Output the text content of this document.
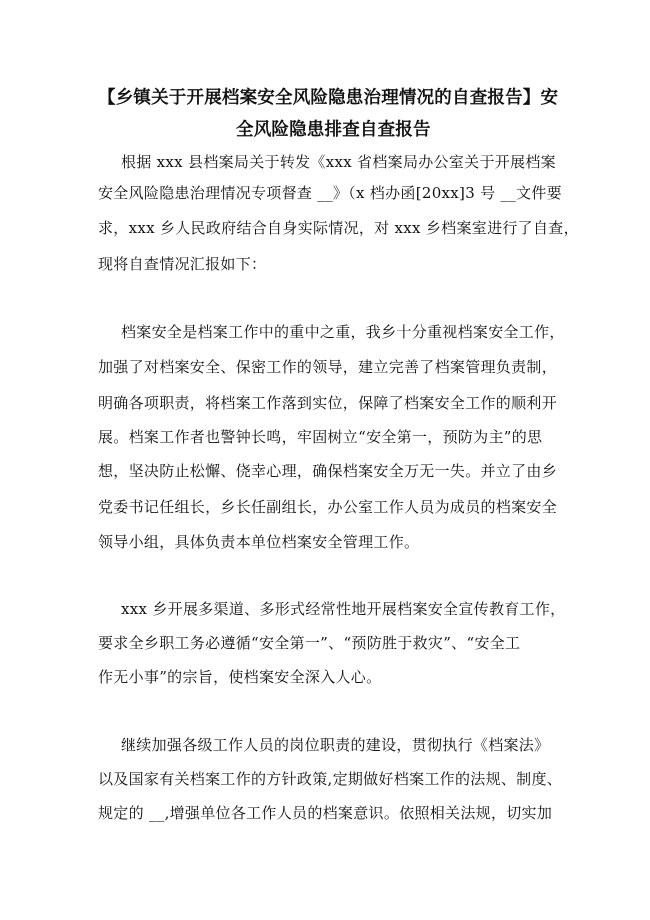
【乡镇关于开展档案安全风险隐患治理情况的自查报告】安
全风险隐患排查自查报告
根据 xxx 县档案局关于转发《xxx 省档案局办公室关于开展档案
安全风险隐患治理情况专项督查 __》（x 档办函[20xx]3 号 __文件要
求，xxx 乡人民政府结合自身实际情况，对 xxx 乡档案室进行了自查，
现将自查情况汇报如下：
档案安全是档案工作中的重中之重，我乡十分重视档案安全工作，
加强了对档案安全、保密工作的领导，建立完善了档案管理负责制，
明确各项职责，将档案工作落到实位，保障了档案安全工作的顺利开
展。档案工作者也警钟长鸣，牢固树立“安全第一，预防为主”的思
想，坚决防止松懈、侥幸心理，确保档案安全万无一失。并立了由乡
党委书记任组长，乡长任副组长，办公室工作人员为成员的档案安全
领导小组，具体负责本单位档案安全管理工作。
xxx 乡开展多渠道、多形式经常性地开展档案安全宣传教育工作，
要求全乡职工务必遵循“安全第一”、“预防胜于救灾”、“安全工
作无小事”的宗旨，使档案安全深入人心。
继续加强各级工作人员的岗位职责的建设，贯彻执行《档案法》
以及国家有关档案工作的方针政策,定期做好档案工作的法规、制度、
规定的 __,增强单位各工作人员的档案意识。依照相关法规，切实加
